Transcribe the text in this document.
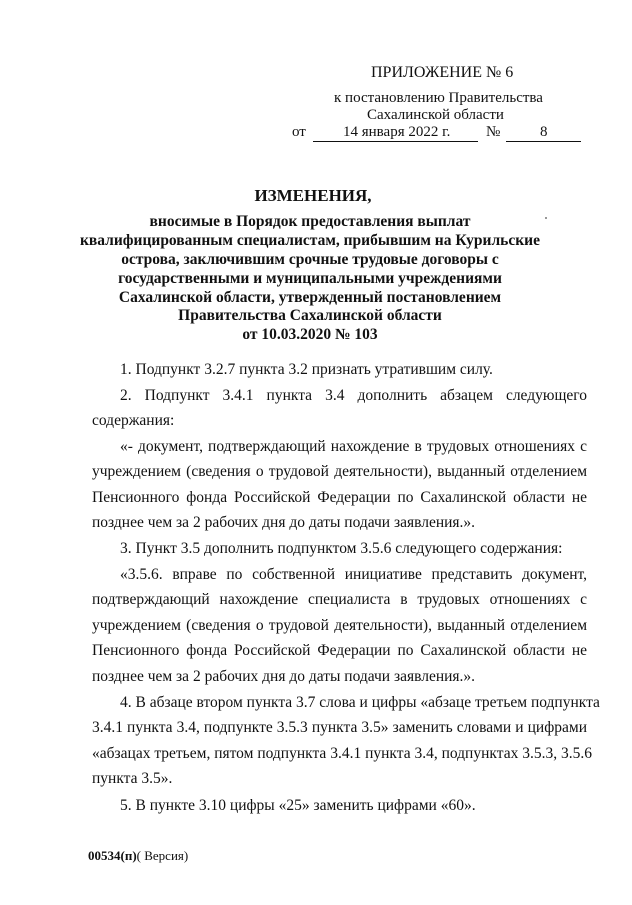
ПРИЛОЖЕНИЕ № 6
к постановлению Правительства
Сахалинской области
от 14 января 2022 г. №	8
ИЗМЕНЕНИЯ,
вносимые в Порядок предоставления выплат
квалифицированным специалистам, прибывшим на Курильские
острова, заключившим срочные трудовые договоры с
государственными и муниципальными учреждениями
Сахалинской области, утвержденный постановлением
Правительства Сахалинской области
от 10.03.2020 № 103
1. Подпункт 3.2.7 пункта 3.2 признать утратившим силу.
2. Подпункт 3.4.1 пункта 3.4 дополнить абзацем следующего
содержания:
«- документ, подтверждающий нахождение в трудовых отношениях с
учреждением (сведения о трудовой деятельности), выданный отделением
Пенсионного фонда Российской Федерации по Сахалинской области не
позднее чем за 2 рабочих дня до даты подачи заявления.».
3. Пункт 3.5 дополнить подпунктом 3.5.6 следующего содержания:
«3.5.6. вправе по собственной инициативе представить документ,
подтверждающий нахождение специалиста в трудовых отношениях с
учреждением (сведения о трудовой деятельности), выданный отделением
Пенсионного фонда Российской Федерации по Сахалинской области не
позднее чем за 2 рабочих дня до даты подачи заявления.».
4. В абзаце втором пункта 3.7 слова и цифры «абзаце третьем подпункта
3.4.1 пункта 3.4, подпункте 3.5.3 пункта 3.5» заменить словами и цифрами
«абзацах третьем, пятом подпункта 3.4.1 пункта 3.4, подпунктах 3.5.3, 3.5.6
пункта 3.5».
5. В пункте 3.10 цифры «25» заменить цифрами «60».
00534(п)( Версия)
